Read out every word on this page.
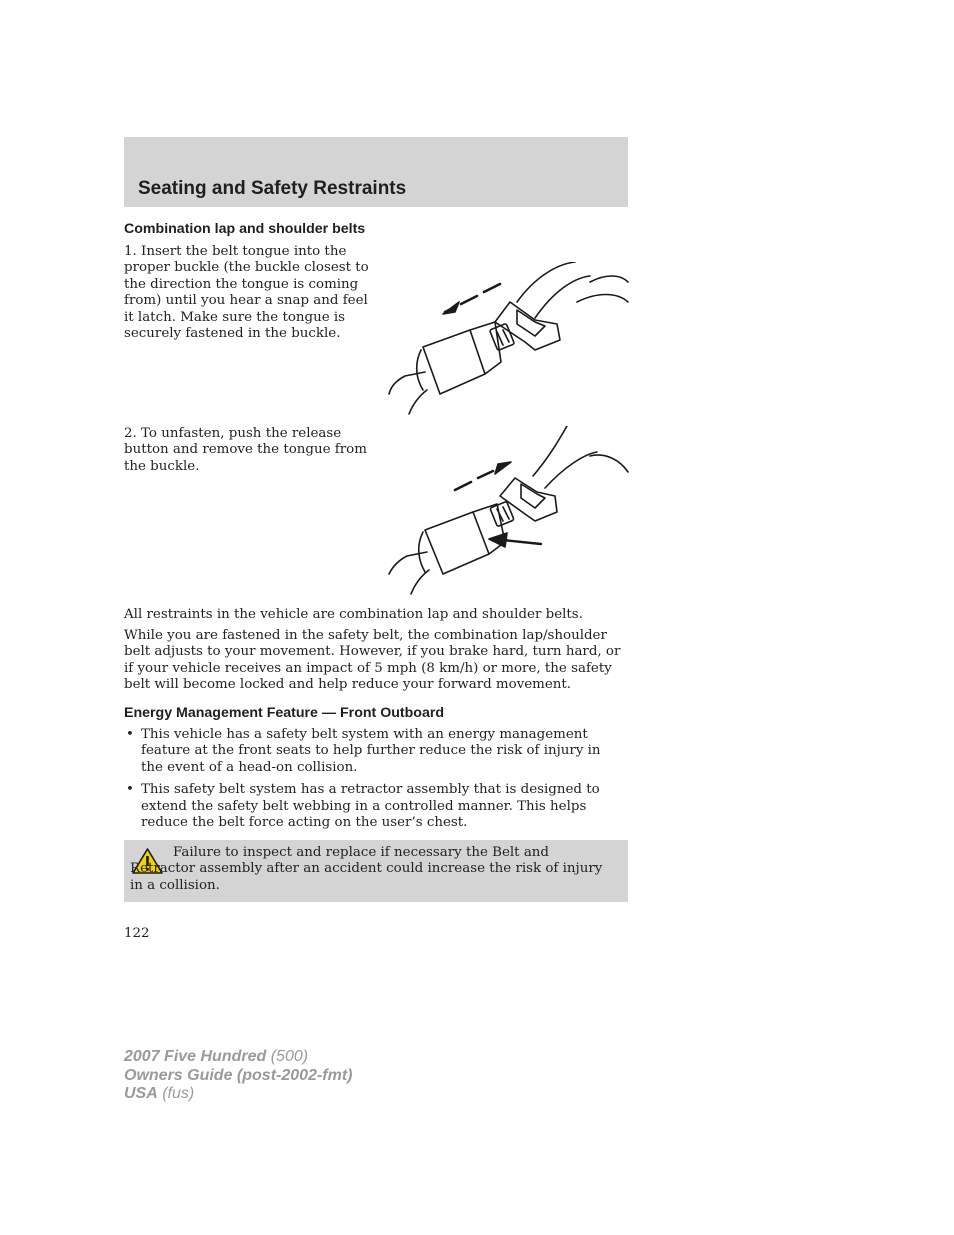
Seating and Safety Restraints
Combination lap and shoulder belts

1. Insert the belt tongue into the proper buckle (the buckle closest to the direction the tongue is coming from) until you hear a snap and feel it latch. Make sure the tongue is securely fastened in the buckle.

2. To unfasten, push the release button and remove the tongue from the buckle.

All restraints in the vehicle are combination lap and shoulder belts.

While you are fastened in the safety belt, the combination lap/shoulder belt adjusts to your movement. However, if you brake hard, turn hard, or if your vehicle receives an impact of 5 mph (8 km/h) or more, the safety belt will become locked and help reduce your forward movement.

Energy Management Feature — Front Outboard
• This vehicle has a safety belt system with an energy management feature at the front seats to help further reduce the risk of injury in the event of a head-on collision.
• This safety belt system has a retractor assembly that is designed to extend the safety belt webbing in a controlled manner. This helps reduce the belt force acting on the user’s chest.

Failure to inspect and replace if necessary the Belt and Retractor assembly after an accident could increase the risk of injury in a collision.

122

2007 Five Hundred (500)
Owners Guide (post-2002-fmt)
USA (fus)
